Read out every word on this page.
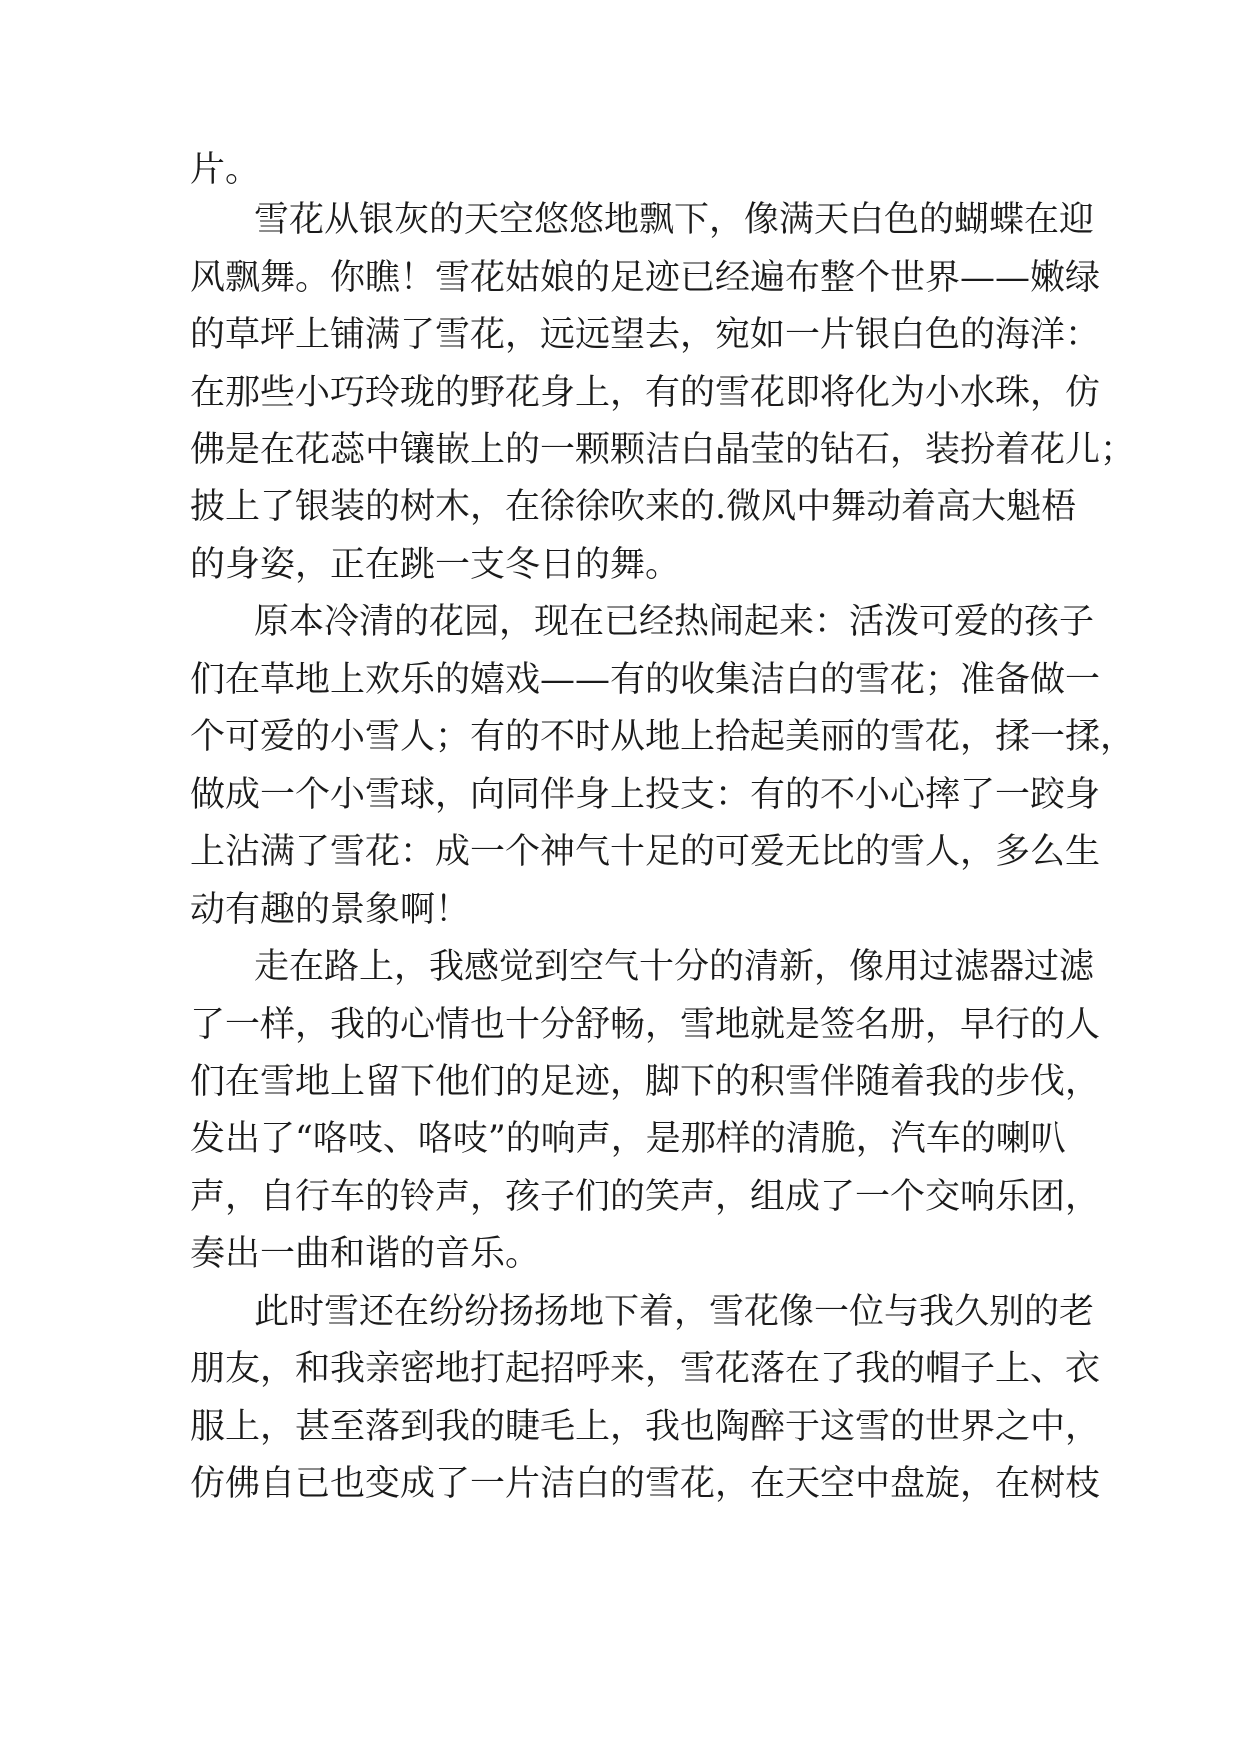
片。
雪花从银灰的天空悠悠地飘下，像满天白色的蝴蝶在迎
风飘舞。你瞧！雪花姑娘的足迹已经遍布整个世界——嫩绿
的草坪上铺满了雪花，远远望去，宛如一片银白色的海洋：
在那些小巧玲珑的野花身上，有的雪花即将化为小水珠，仿
佛是在花蕊中镶嵌上的一颗颗洁白晶莹的钻石，装扮着花儿；
披上了银装的树木，在徐徐吹来的.微风中舞动着高大魁梧
的身姿，正在跳一支冬日的舞。
原本冷清的花园，现在已经热闹起来：活泼可爱的孩子
们在草地上欢乐的嬉戏——有的收集洁白的雪花；准备做一
个可爱的小雪人；有的不时从地上拾起美丽的雪花，揉一揉，
做成一个小雪球，向同伴身上投支：有的不小心摔了一跤身
上沾满了雪花：成一个神气十足的可爱无比的雪人，多么生
动有趣的景象啊！
走在路上，我感觉到空气十分的清新，像用过滤器过滤
了一样，我的心情也十分舒畅，雪地就是签名册，早行的人
们在雪地上留下他们的足迹，脚下的积雪伴随着我的步伐，
发出了“咯吱、咯吱”的响声，是那样的清脆，汽车的喇叭
声，自行车的铃声，孩子们的笑声，组成了一个交响乐团，
奏出一曲和谐的音乐。
此时雪还在纷纷扬扬地下着，雪花像一位与我久别的老
朋友，和我亲密地打起招呼来，雪花落在了我的帽子上、衣
服上，甚至落到我的睫毛上，我也陶醉于这雪的世界之中，
仿佛自已也变成了一片洁白的雪花，在天空中盘旋，在树枝
